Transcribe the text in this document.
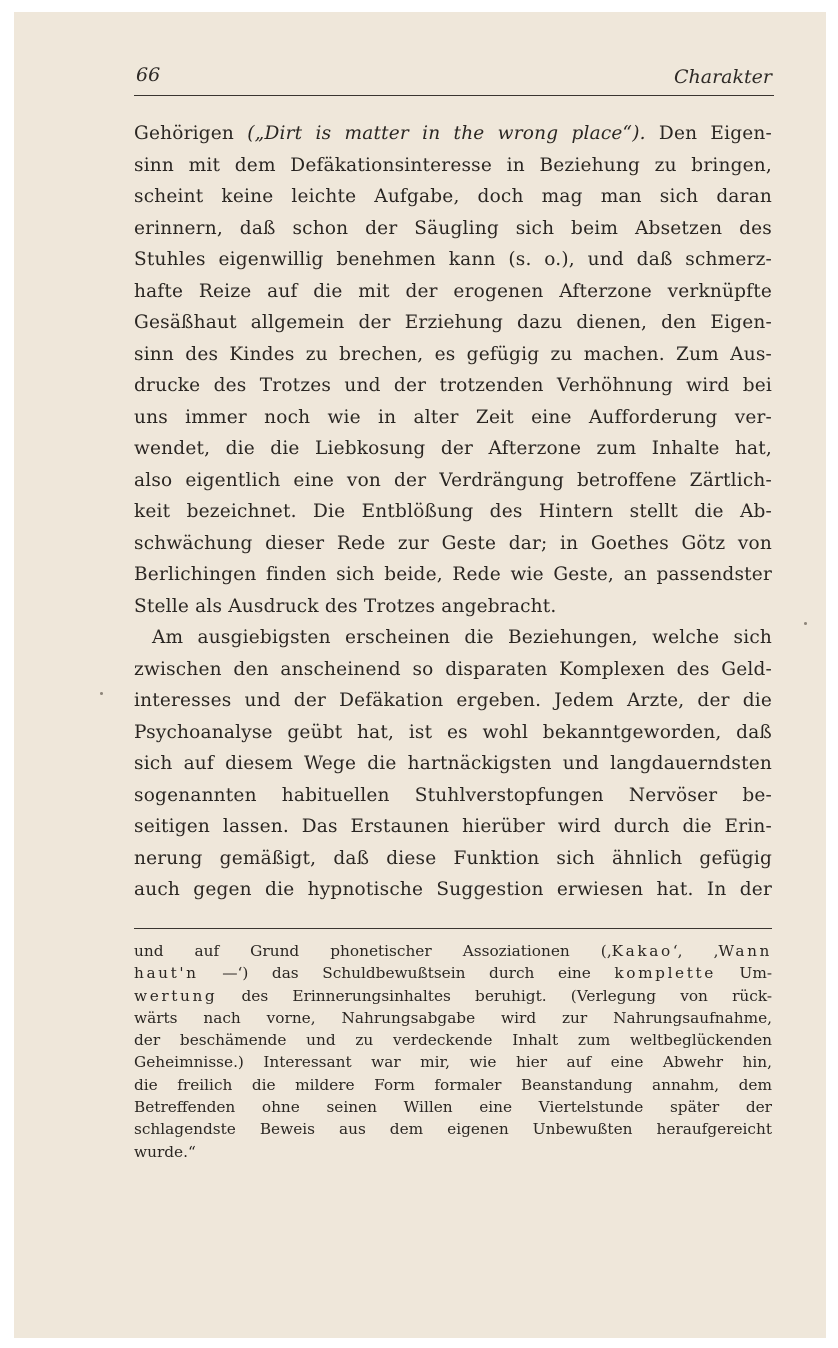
66	Charakter
Gehörigen („Dirt is matter in the wrong place“). Den Eigen-
sinn mit dem Defäkationsinteresse in Beziehung zu bringen,
scheint keine leichte Aufgabe, doch mag man sich daran
erinnern, daß schon der Säugling sich beim Absetzen des
Stuhles eigenwillig benehmen kann (s. o.), und daß schmerz-
hafte Reize auf die mit der erogenen Afterzone verknüpfte
Gesäßhaut allgemein der Erziehung dazu dienen, den Eigen-
sinn des Kindes zu brechen, es gefügig zu machen. Zum Aus-
drucke des Trotzes und der trotzenden Verhöhnung wird bei
uns immer noch wie in alter Zeit eine Aufforderung ver-
wendet, die die Liebkosung der Afterzone zum Inhalte hat,
also eigentlich eine von der Verdrängung betroffene Zärtlich-
keit bezeichnet. Die Entblößung des Hintern stellt die Ab-
schwächung dieser Rede zur Geste dar; in Goethes Götz von
Berlichingen finden sich beide, Rede wie Geste, an passendster
Stelle als Ausdruck des Trotzes angebracht.
Am ausgiebigsten erscheinen die Beziehungen, welche sich
zwischen den anscheinend so disparaten Komplexen des Geld-
interesses und der Defäkation ergeben. Jedem Arzte, der die
Psychoanalyse geübt hat, ist es wohl bekanntgeworden, daß
sich auf diesem Wege die hartnäckigsten und langdauerndsten
sogenannten habituellen Stuhlverstopfungen Nervöser be-
seitigen lassen. Das Erstaunen hierüber wird durch die Erin-
nerung gemäßigt, daß diese Funktion sich ähnlich gefügig
auch gegen die hypnotische Suggestion erwiesen hat. In der
und auf Grund phonetischer Assoziationen (‚Kakao‘, ‚Wann
haut'n —‘) das Schuldbewußtsein durch eine komplette Um-
wertung des Erinnerungsinhaltes beruhigt. (Verlegung von rück-
wärts nach vorne, Nahrungsabgabe wird zur Nahrungsaufnahme,
der beschämende und zu verdeckende Inhalt zum weltbeglückenden
Geheimnisse.) Interessant war mir, wie hier auf eine Abwehr hin,
die freilich die mildere Form formaler Beanstandung annahm, dem
Betreffenden ohne seinen Willen eine Viertelstunde später der
schlagendste Beweis aus dem eigenen Unbewußten heraufgereicht
wurde.“
